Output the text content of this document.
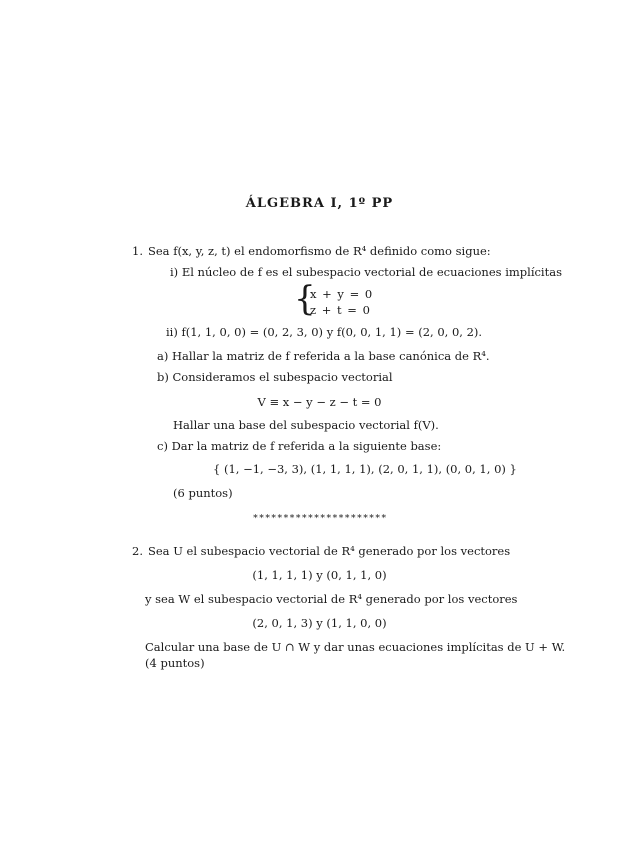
ÁLGEBRA I, 1º PP
1. Sea f(x, y, z, t) el endomorfismo de R⁴ definido como sigue:
i) El núcleo de f es el subespacio vectorial de ecuaciones implícitas
{
x + y = 0
z + t = 0
ii) f(1, 1, 0, 0) = (0, 2, 3, 0) y f(0, 0, 1, 1) = (2, 0, 0, 2).
a) Hallar la matriz de f referida a la base canónica de R⁴.
b) Consideramos el subespacio vectorial
V ≡ x − y − z − t = 0
Hallar una base del subespacio vectorial f(V).
c) Dar la matriz de f referida a la siguiente base:
{ (1, −1, −3, 3), (1, 1, 1, 1), (2, 0, 1, 1), (0, 0, 1, 0) }
(6 puntos)
∗∗∗∗∗∗∗∗∗∗∗∗∗∗∗∗∗∗∗∗∗∗
2. Sea U el subespacio vectorial de R⁴ generado por los vectores
(1, 1, 1, 1) y (0, 1, 1, 0)
y sea W el subespacio vectorial de R⁴ generado por los vectores
(2, 0, 1, 3) y (1, 1, 0, 0)
Calcular una base de U ∩ W y dar unas ecuaciones implícitas de U + W.
(4 puntos)
